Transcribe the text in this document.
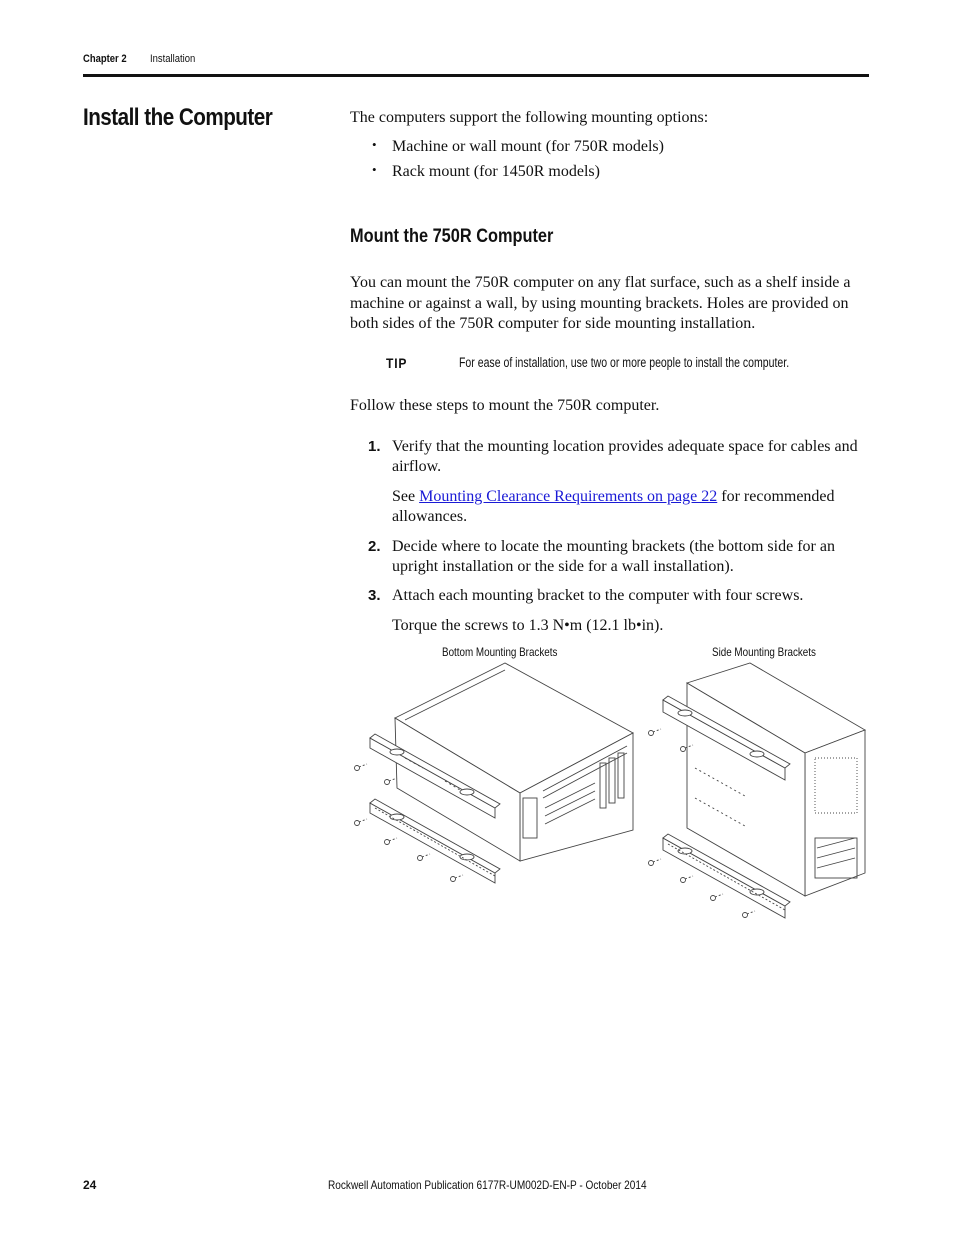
Chapter 2 Installation
Install the Computer	The computers support the following mounting options:

• Machine or wall mount (for 750R models)
• Rack mount (for 1450R models)
Mount the 750R Computer

You can mount the 750R computer on any flat surface, such as a shelf inside a machine or against a wall, by using mounting brackets. Holes are provided on both sides of the 750R computer for side mounting installation.

TIP	For ease of installation, use two or more people to install the computer.

Follow these steps to mount the 750R computer.

1. Verify that the mounting location provides adequate space for cables and airflow.
See Mounting Clearance Requirements on page 22 for recommended allowances.
2. Decide where to locate the mounting brackets (the bottom side for an upright installation or the side for a wall installation).
3. Attach each mounting bracket to the computer with four screws.
Torque the screws to 1.3 N•m (12.1 lb•in).
Bottom Mounting Brackets	Side Mounting Brackets
24	Rockwell Automation Publication 6177R-UM002D-EN-P - October 2014
